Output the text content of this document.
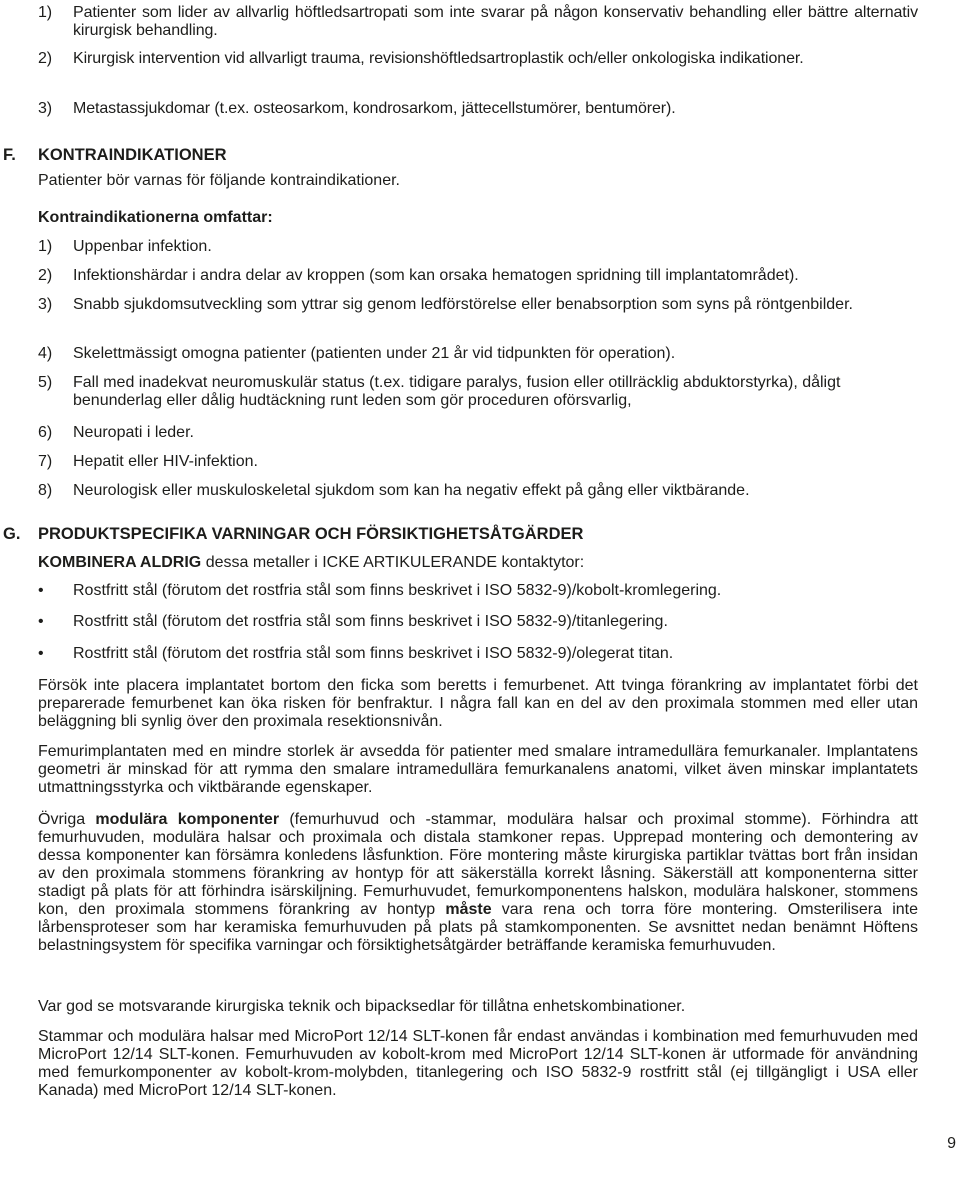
1)	Patienter som lider av allvarlig höftledsartropati som inte svarar på någon konservativ behandling eller bättre alternativ kirurgisk behandling.
2)	Kirurgisk intervention vid allvarligt trauma, revisionshöftledsartroplastik och/eller onkologiska indikationer.
3)	Metastassjukdomar (t.ex. osteosarkom, kondrosarkom, jättecellstumörer, bentumörer).
F.	KONTRAINDIKATIONER
Patienter bör varnas för följande kontraindikationer.
Kontraindikationerna omfattar:
1)	Uppenbar infektion.
2)	Infektionshärdar i andra delar av kroppen (som kan orsaka hematogen spridning till implantatområdet).
3)	Snabb sjukdomsutveckling som yttrar sig genom ledförstörelse eller benabsorption som syns på röntgenbilder.
4)	Skelettmässigt omogna patienter (patienten under 21 år vid tidpunkten för operation).
5)	Fall med inadekvat neuromuskulär status (t.ex. tidigare paralys, fusion eller otillräcklig abduktorstyrka), dåligt benunderlag eller dålig hudtäckning runt leden som gör proceduren oförsvarlig,
6)	Neuropati i leder.
7)	Hepatit eller HIV-infektion.
8)	Neurologisk eller muskuloskeletal sjukdom som kan ha negativ effekt på gång eller viktbärande.
G.	PRODUKTSPECIFIKA VARNINGAR OCH FÖRSIKTIGHETSÅTGÄRDER
KOMBINERA ALDRIG dessa metaller i ICKE ARTIKULERANDE kontaktytor:
• Rostfritt stål (förutom det rostfria stål som finns beskrivet i ISO 5832-9)/kobolt-kromlegering.
• Rostfritt stål (förutom det rostfria stål som finns beskrivet i ISO 5832-9)/titanlegering.
• Rostfritt stål (förutom det rostfria stål som finns beskrivet i ISO 5832-9)/olegerat titan.
Försök inte placera implantatet bortom den ficka som beretts i femurbenet. Att tvinga förankring av implantatet förbi det preparerade femurbenet kan öka risken för benfraktur. I några fall kan en del av den proximala stommen med eller utan beläggning bli synlig över den proximala resektionsnivån.
Femurimplantaten med en mindre storlek är avsedda för patienter med smalare intramedullära femurkanaler. Implantatens geometri är minskad för att rymma den smalare intramedullära femurkanalens anatomi, vilket även minskar implantatets utmattningsstyrka och viktbärande egenskaper.
Övriga modulära komponenter (femurhuvud och -stammar, modulära halsar och proximal stomme). Förhindra att femurhuvuden, modulära halsar och proximala och distala stamkoner repas. Upprepad montering och demontering av dessa komponenter kan försämra konledens låsfunktion. Före montering måste kirurgiska partiklar tvättas bort från insidan av den proximala stommens förankring av hontyp för att säkerställa korrekt låsning. Säkerställ att komponenterna sitter stadigt på plats för att förhindra isärskiljning. Femurhuvudet, femurkomponentens halskon, modulära halskoner, stommens kon, den proximala stommens förankring av hontyp måste vara rena och torra före montering. Omsterilisera inte lårbensproteser som har keramiska femurhuvuden på plats på stamkomponenten. Se avsnittet nedan benämnt Höftens belastningsystem för specifika varningar och försiktighetsåtgärder beträffande keramiska femurhuvuden.
Var god se motsvarande kirurgiska teknik och bipacksedlar för tillåtna enhetskombinationer.
Stammar och modulära halsar med MicroPort 12/14 SLT-konen får endast användas i kombination med femurhuvuden med MicroPort 12/14 SLT-konen. Femurhuvuden av kobolt-krom med MicroPort 12/14 SLT-konen är utformade för användning med femurkomponenter av kobolt-krom-molybden, titanlegering och ISO 5832-9 rostfritt stål (ej tillgängligt i USA eller Kanada) med MicroPort 12/14 SLT-konen.
9
